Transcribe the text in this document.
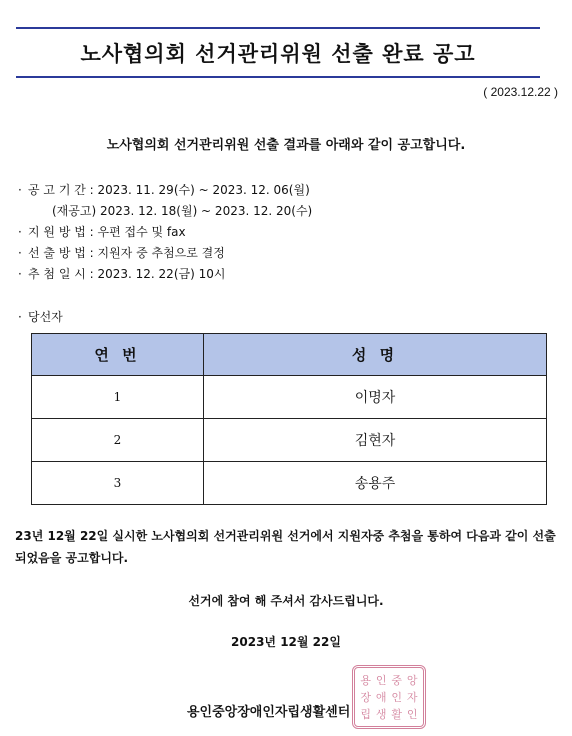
노사협의회 선거관리위원 선출 완료 공고
( 2023.12.22 )
노사협의회 선거관리위원 선출 결과를 아래와 같이 공고합니다.
· 공 고 기 간 : 2023. 11. 29(수) ~ 2023. 12. 06(월)
(재공고) 2023. 12. 18(월) ~ 2023. 12. 20(수)
· 지 원 방 법 : 우편 접수 및 fax
· 선 출 방 법 : 지원자 중 추첨으로 결정
· 추 첨 일 시 : 2023. 12. 22(금) 10시
· 당선자
연 번	성 명
1	이명자
2	김현자
3	송용주
23년 12월 22일 실시한 노사협의회 선거관리위원 선거에서 지원자중 추첨을 통하여 다음과 같이 선출되었음을 공고합니다.
선거에 참여 해 주셔서 감사드립니다.
2023년 12월 22일
용인중앙장애인자립생활센터
용 인 중 앙
장 애 인 자
립 생 활 인
